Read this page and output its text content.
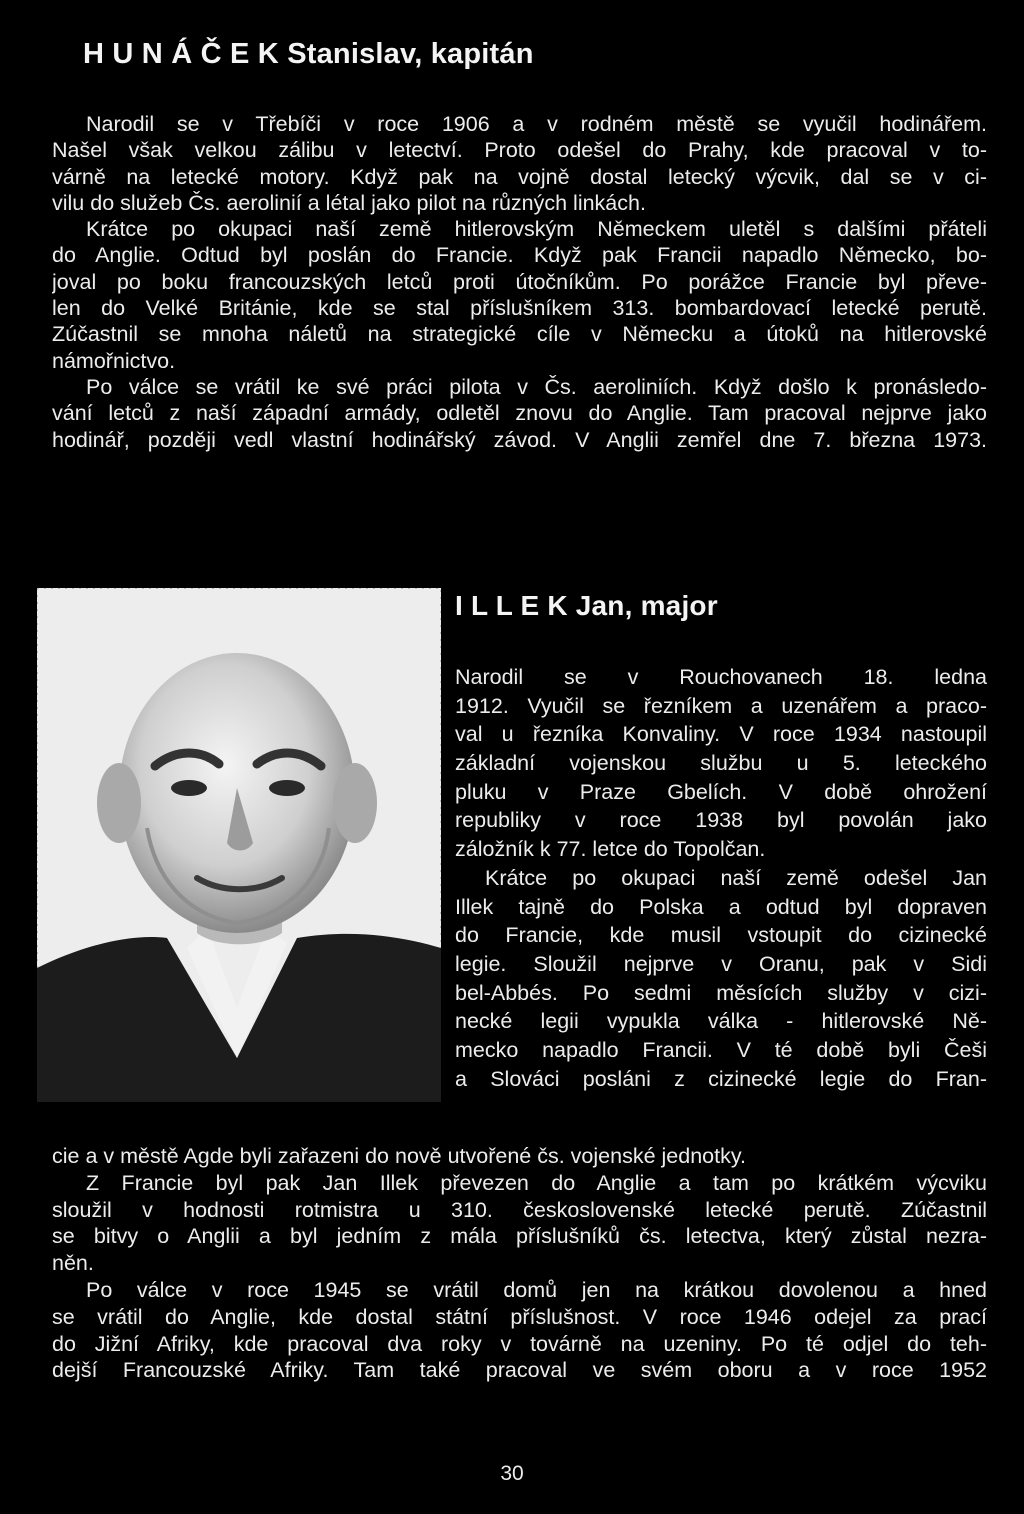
H U N Á Č E K Stanislav, kapitán
Narodil se v Třebíči v roce 1906 a v rodném městě se vyučil hodinářem.
Našel však velkou zálibu v letectví. Proto odešel do Prahy, kde pracoval v to-
várně na letecké motory. Když pak na vojně dostal letecký výcvik, dal se v ci-
vilu do služeb Čs. aerolinií a létal jako pilot na různých linkách.
Krátce po okupaci naší země hitlerovským Německem uletěl s dalšími přáteli
do Anglie. Odtud byl poslán do Francie. Když pak Francii napadlo Německo, bo-
joval po boku francouzských letců proti útočníkům. Po porážce Francie byl převe-
len do Velké Británie, kde se stal příslušníkem 313. bombardovací letecké perutě.
Zúčastnil se mnoha náletů na strategické cíle v Německu a útoků na hitlerovské
námořnictvo.
Po válce se vrátil ke své práci pilota v Čs. aeroliniích. Když došlo k pronásledo-
vání letců z naší západní armády, odletěl znovu do Anglie. Tam pracoval nejprve jako
hodinář, později vedl vlastní hodinářský závod. V Anglii zemřel dne 7. března 1973.
I L L E K Jan, major
Narodil se v Rouchovanech 18. ledna
1912. Vyučil se řezníkem a uzenářem a praco-
val u řezníka Konvaliny. V roce 1934 nastoupil
základní vojenskou službu u 5. leteckého
pluku v Praze Gbelích. V době ohrožení
republiky v roce 1938 byl povolán jako
záložník k 77. letce do Topolčan.
Krátce po okupaci naší země odešel Jan
Illek tajně do Polska a odtud byl dopraven
do Francie, kde musil vstoupit do cizinecké
legie. Sloužil nejprve v Oranu, pak v Sidi
bel-Abbés. Po sedmi měsících služby v cizi-
necké legii vypukla válka - hitlerovské Ně-
mecko napadlo Francii. V té době byli Češi
a Slováci posláni z cizinecké legie do Fran-
cie a v městě Agde byli zařazeni do nově utvořené čs. vojenské jednotky.
Z Francie byl pak Jan Illek převezen do Anglie a tam po krátkém výcviku
sloužil v hodnosti rotmistra u 310. československé letecké perutě. Zúčastnil
se bitvy o Anglii a byl jedním z mála příslušníků čs. letectva, který zůstal nezra-
něn.
Po válce v roce 1945 se vrátil domů jen na krátkou dovolenou a hned
se vrátil do Anglie, kde dostal státní příslušnost. V roce 1946 odejel za prací
do Jižní Afriky, kde pracoval dva roky v továrně na uzeniny. Po té odjel do teh-
dejší Francouzské Afriky. Tam také pracoval ve svém oboru a v roce 1952
30
